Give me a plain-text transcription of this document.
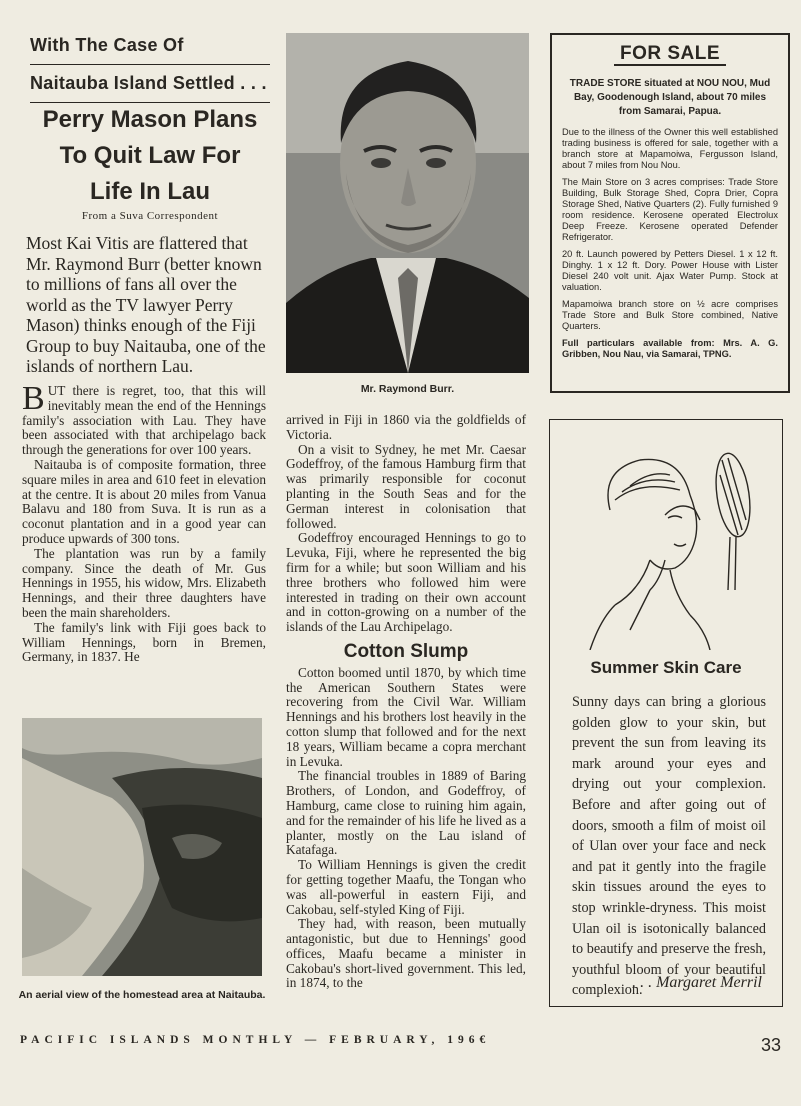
With The Case Of
Naitauba Island Settled . . .
Perry Mason Plans
To Quit Law For
Life In Lau
From a Suva Correspondent
Most Kai Vitis are flattered that Mr. Raymond Burr (better known to millions of fans all over the world as the TV lawyer Perry Mason) thinks enough of the Fiji Group to buy Naitauba, one of the islands of northern Lau.

BUT there is regret, too, that this will inevitably mean the end of the Hennings family's association with Lau. They have been associated with that archipelago back through the generations for over 100 years.

Naitauba is of composite formation, three square miles in area and 610 feet in elevation at the centre. It is about 20 miles from Vanua Balavu and 180 from Suva. It is run as a coconut plantation and in a good year can produce upwards of 300 tons.

The plantation was run by a family company. Since the death of Mr. Gus Hennings in 1955, his widow, Mrs. Elizabeth Hennings, and their three daughters have been the main shareholders.

The family's link with Fiji goes back to William Hennings, born in Bremen, Germany, in 1837. He

An aerial view of the homestead area at Naitauba.
Mr. Raymond Burr.

arrived in Fiji in 1860 via the goldfields of Victoria.

On a visit to Sydney, he met Mr. Caesar Godeffroy, of the famous Hamburg firm that was primarily responsible for coconut planting in the South Seas and for the German interest in colonisation that followed.

Godeffroy encouraged Hennings to go to Levuka, Fiji, where he represented the big firm for a while; but soon William and his three brothers who followed him were interested in trading on their own account and in cotton-growing on a number of the islands of the Lau Archipelago.

Cotton Slump

Cotton boomed until 1870, by which time the American Southern States were recovering from the Civil War. William Hennings and his brothers lost heavily in the cotton slump that followed and for the next 18 years, William became a copra merchant in Levuka.

The financial troubles in 1889 of Baring Brothers, of London, and Godeffroy, of Hamburg, came close to ruining him again, and for the remainder of his life he lived as a planter, mostly on the Lau island of Katafaga.

To William Hennings is given the credit for getting together Maafu, the Tongan who was all-powerful in eastern Fiji, and Cakobau, self-styled King of Fiji.

They had, with reason, been mutually antagonistic, but due to Hennings' good offices, Maafu became a minister in Cakobau's short-lived government. This led, in 1874, to the

FOR SALE
TRADE STORE situated at NOU NOU, Mud Bay, Goodenough Island, about 70 miles from Samarai, Papua.

Due to the illness of the Owner this well established trading business is offered for sale, together with a branch store at Mapamoiwa, Fergusson Island, about 7 miles from Nou Nou.

The Main Store on 3 acres comprises: Trade Store Building, Bulk Storage Shed, Copra Drier, Copra Storage Shed, Native Quarters (2). Fully furnished 9 room residence. Kerosene operated Electrolux Deep Freeze. Kerosene operated Defender Refrigerator.

20 ft. Launch powered by Petters Diesel. 1 x 12 ft. Dinghy. 1 x 12 ft. Dory. Power House with Lister Diesel 240 volt unit. Ajax Water Pump. Stock at valuation.

Mapamoiwa branch store on ½ acre comprises Trade Store and Bulk Store combined, Native Quarters.

Full particulars available from: Mrs. A. G. Gribben, Nou Nau, via Samarai, TPNG.

Summer Skin Care
Sunny days can bring a glorious golden glow to your skin, but prevent the sun from leaving its mark around your eyes and drying out your complexion. Before and after going out of doors, smooth a film of moist oil of Ulan over your face and neck and pat it gently into the fragile skin tissues around the eyes to stop wrinkle-dryness. This moist Ulan oil is isotonically balanced to beautify and preserve the fresh, youthful bloom of your beautiful complexion.
. . . Margaret Merril
PACIFIC ISLANDS MONTHLY — FEBRUARY, 196€	33
